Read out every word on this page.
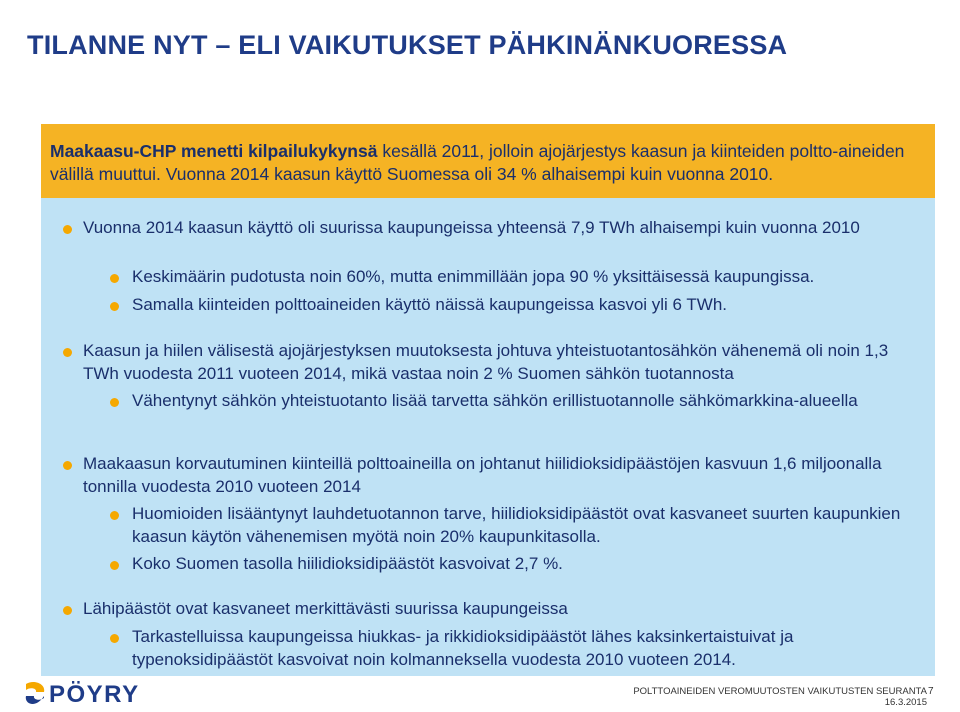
TILANNE NYT – ELI VAIKUTUKSET PÄHKINÄNKUORESSA
Maakaasu-CHP menetti kilpailukykynsä kesällä 2011, jolloin ajojärjestys kaasun ja kiinteiden poltto-aineiden välillä muuttui. Vuonna 2014 kaasun käyttö Suomessa oli 34 % alhaisempi kuin vuonna 2010.
Vuonna 2014 kaasun käyttö oli suurissa kaupungeissa yhteensä 7,9 TWh alhaisempi kuin vuonna 2010
Keskimäärin pudotusta noin 60%, mutta enimmillään jopa 90 % yksittäisessä kaupungissa.
Samalla kiinteiden polttoaineiden käyttö näissä kaupungeissa kasvoi yli 6 TWh.
Kaasun ja hiilen välisestä ajojärjestyksen muutoksesta johtuva yhteistuotantosähkön vähenemä oli noin 1,3 TWh vuodesta 2011 vuoteen 2014, mikä vastaa noin 2 % Suomen sähkön tuotannosta
Vähentynyt sähkön yhteistuotanto lisää tarvetta sähkön erillistuotannolle sähkömarkkina-alueella
Maakaasun korvautuminen kiinteillä polttoaineilla on johtanut hiilidioksidipäästöjen kasvuun 1,6 miljoonalla tonnilla vuodesta 2010 vuoteen 2014
Huomioiden lisääntynyt lauhdetuotannon tarve, hiilidioksidipäästöt ovat kasvaneet suurten kaupunkien kaasun käytön vähenemisen myötä noin 20% kaupunkitasolla.
Koko Suomen tasolla hiilidioksidipäästöt kasvoivat 2,7 %.
Lähipäästöt ovat kasvaneet merkittävästi suurissa kaupungeissa
Tarkastelluissa kaupungeissa hiukkas- ja rikkidioksidipäästöt lähes kaksinkertaistuivat ja typenoksidipäästöt kasvoivat noin kolmanneksella vuodesta 2010 vuoteen 2014.
PÖYRY	POLTTOAINEIDEN VEROMUUTOSTEN VAIKUTUSTEN SEURANTA
16.3.2015
7
